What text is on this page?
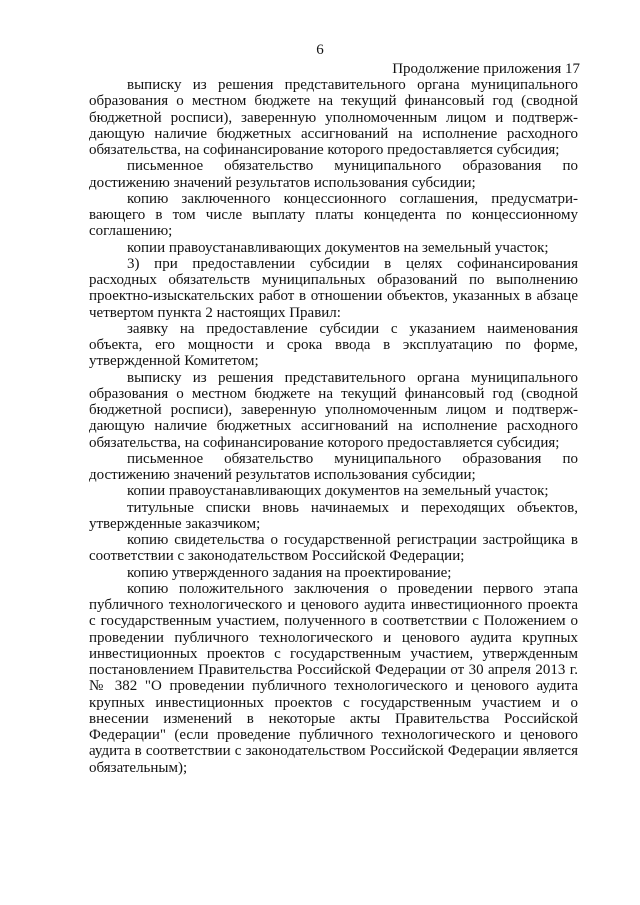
6
Продолжение приложения 17

выписку из решения представительного органа муниципального образования о местном бюджете на текущий финансовый год (сводной бюджетной росписи), заверенную уполномоченным лицом и подтверж-дающую наличие бюджетных ассигнований на исполнение расходного обязательства, на софинансирование которого предоставляется субсидия;

письменное обязательство муниципального образования по достижению значений результатов использования субсидии;

копию заключенного концессионного соглашения, предусматри-вающего в том числе выплату платы концедента по концессионному соглашению;

копии правоустанавливающих документов на земельный участок;

3) при предоставлении субсидии в целях софинансирования расходных обязательств муниципальных образований по выполнению проектно-изыскательских работ в отношении объектов, указанных в абзаце четвертом пункта 2 настоящих Правил:

заявку на предоставление субсидии с указанием наименования объекта, его мощности и срока ввода в эксплуатацию по форме, утвержденной Комитетом;

выписку из решения представительного органа муниципального образования о местном бюджете на текущий финансовый год (сводной бюджетной росписи), заверенную уполномоченным лицом и подтверж-дающую наличие бюджетных ассигнований на исполнение расходного обязательства, на софинансирование которого предоставляется субсидия;

письменное обязательство муниципального образования по достижению значений результатов использования субсидии;

копии правоустанавливающих документов на земельный участок;

титульные списки вновь начинаемых и переходящих объектов, утвержденные заказчиком;

копию свидетельства о государственной регистрации застройщика в соответствии с законодательством Российской Федерации;

копию утвержденного задания на проектирование;

копию положительного заключения о проведении первого этапа публичного технологического и ценового аудита инвестиционного проекта с государственным участием, полученного в соответствии с Положением о проведении публичного технологического и ценового аудита крупных инвестиционных проектов с государственным участием, утвержденным постановлением Правительства Российской Федерации от 30 апреля 2013 г. № 382 "О проведении публичного технологического и ценового аудита крупных инвестиционных проектов с государственным участием и о внесении изменений в некоторые акты Правительства Российской Федерации" (если проведение публичного технологического и ценового аудита в соответствии с законодательством Российской Федерации является обязательным);
